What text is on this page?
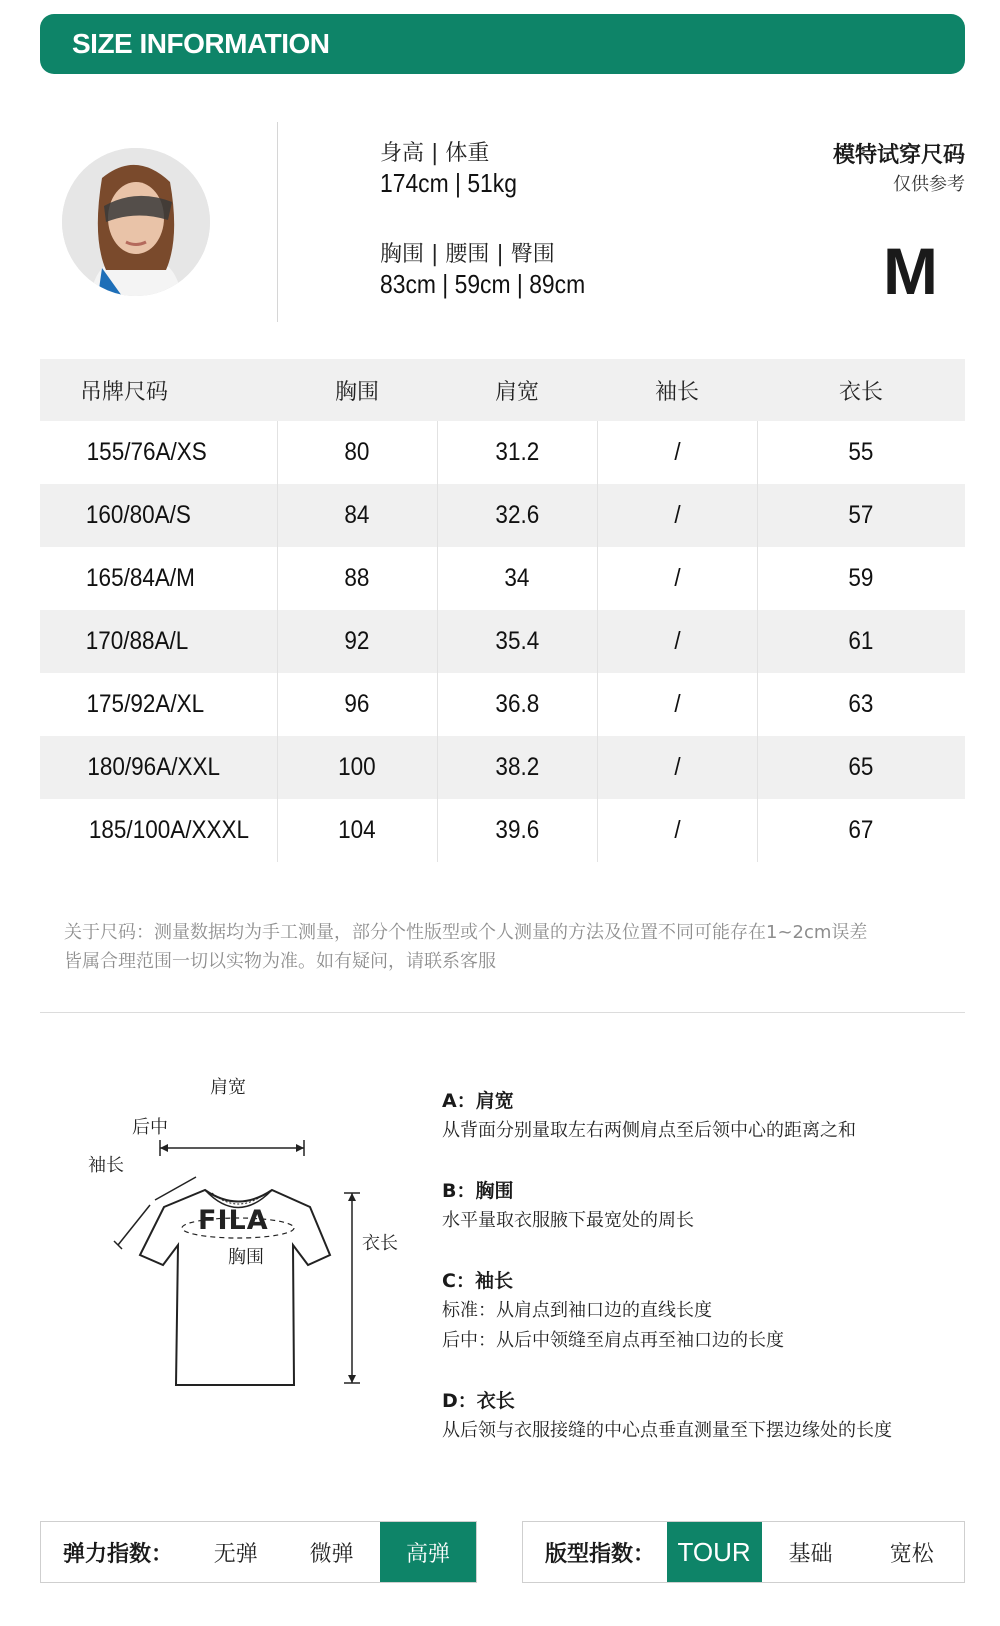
SIZE INFORMATION
身高 | 体重
174cm | 51kg
胸围 | 腰围 | 臀围
83cm | 59cm | 89cm
模特试穿尺码
仅供参考
M
吊牌尺码	胸围	肩宽	袖长	衣长
155/76A/XS	80	31.2	/	55
160/80A/S	84	32.6	/	57
165/84A/M	88	34	/	59
170/88A/L	92	35.4	/	61
175/92A/XL	96	36.8	/	63
180/96A/XXL	100	38.2	/	65
185/100A/XXXL	104	39.6	/	67
关于尺码：测量数据均为手工测量，部分个性版型或个人测量的方法及位置不同可能存在1~2cm误差
皆属合理范围一切以实物为准。如有疑问，请联系客服
肩宽
后中
袖长
FILA
胸围
衣长
A：肩宽
从背面分别量取左右两侧肩点至后领中心的距离之和
B：胸围
水平量取衣服腋下最宽处的周长
C：袖长
标准：从肩点到袖口边的直线长度
后中：从后中领缝至肩点再至袖口边的长度
D：衣长
从后领与衣服接缝的中心点垂直测量至下摆边缘处的长度
弹力指数：	无弹	微弹	高弹	版型指数： TOUR	基础	宽松
